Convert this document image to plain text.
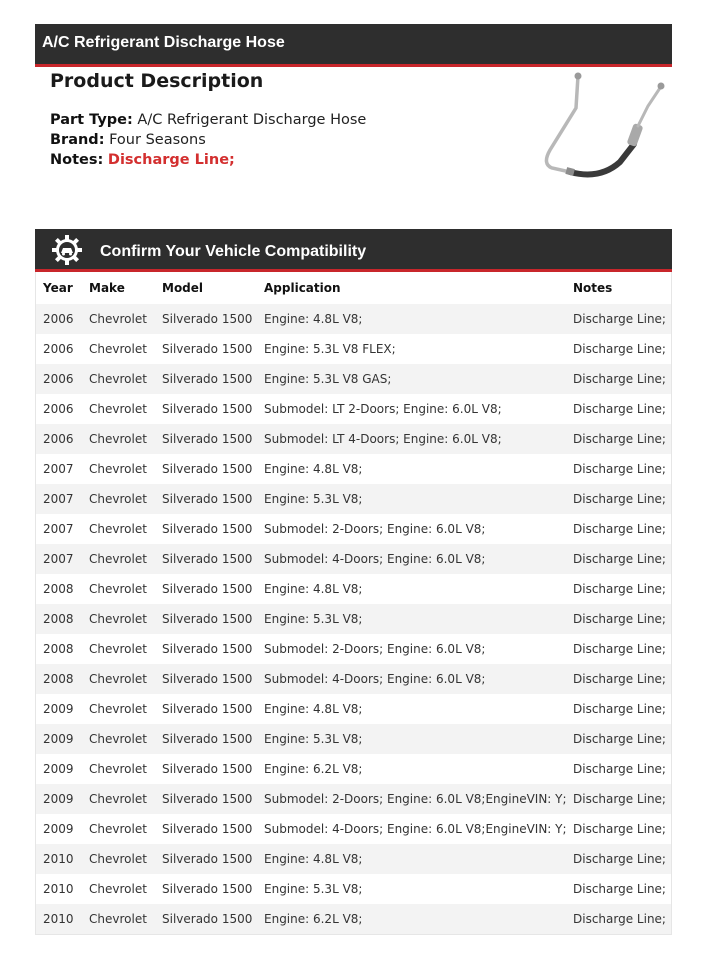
A/C Refrigerant Discharge Hose
Product Description
Part Type: A/C Refrigerant Discharge Hose
Brand: Four Seasons
Notes: Discharge Line;
Confirm Your Vehicle Compatibility
Year	Make	Model	Application	Notes
2006	Chevrolet	Silverado 1500	Engine: 4.8L V8;	Discharge Line;
2006	Chevrolet	Silverado 1500	Engine: 5.3L V8 FLEX;	Discharge Line;
2006	Chevrolet	Silverado 1500	Engine: 5.3L V8 GAS;	Discharge Line;
2006	Chevrolet	Silverado 1500	Submodel: LT 2-Doors; Engine: 6.0L V8;	Discharge Line;
2006	Chevrolet	Silverado 1500	Submodel: LT 4-Doors; Engine: 6.0L V8;	Discharge Line;
2007	Chevrolet	Silverado 1500	Engine: 4.8L V8;	Discharge Line;
2007	Chevrolet	Silverado 1500	Engine: 5.3L V8;	Discharge Line;
2007	Chevrolet	Silverado 1500	Submodel: 2-Doors; Engine: 6.0L V8;	Discharge Line;
2007	Chevrolet	Silverado 1500	Submodel: 4-Doors; Engine: 6.0L V8;	Discharge Line;
2008	Chevrolet	Silverado 1500	Engine: 4.8L V8;	Discharge Line;
2008	Chevrolet	Silverado 1500	Engine: 5.3L V8;	Discharge Line;
2008	Chevrolet	Silverado 1500	Submodel: 2-Doors; Engine: 6.0L V8;	Discharge Line;
2008	Chevrolet	Silverado 1500	Submodel: 4-Doors; Engine: 6.0L V8;	Discharge Line;
2009	Chevrolet	Silverado 1500	Engine: 4.8L V8;	Discharge Line;
2009	Chevrolet	Silverado 1500	Engine: 5.3L V8;	Discharge Line;
2009	Chevrolet	Silverado 1500	Engine: 6.2L V8;	Discharge Line;
2009	Chevrolet	Silverado 1500	Submodel: 2-Doors; Engine: 6.0L V8;EngineVIN: Y;	Discharge Line;
2009	Chevrolet	Silverado 1500	Submodel: 4-Doors; Engine: 6.0L V8;EngineVIN: Y;	Discharge Line;
2010	Chevrolet	Silverado 1500	Engine: 4.8L V8;	Discharge Line;
2010	Chevrolet	Silverado 1500	Engine: 5.3L V8;	Discharge Line;
2010	Chevrolet	Silverado 1500	Engine: 6.2L V8;	Discharge Line;
